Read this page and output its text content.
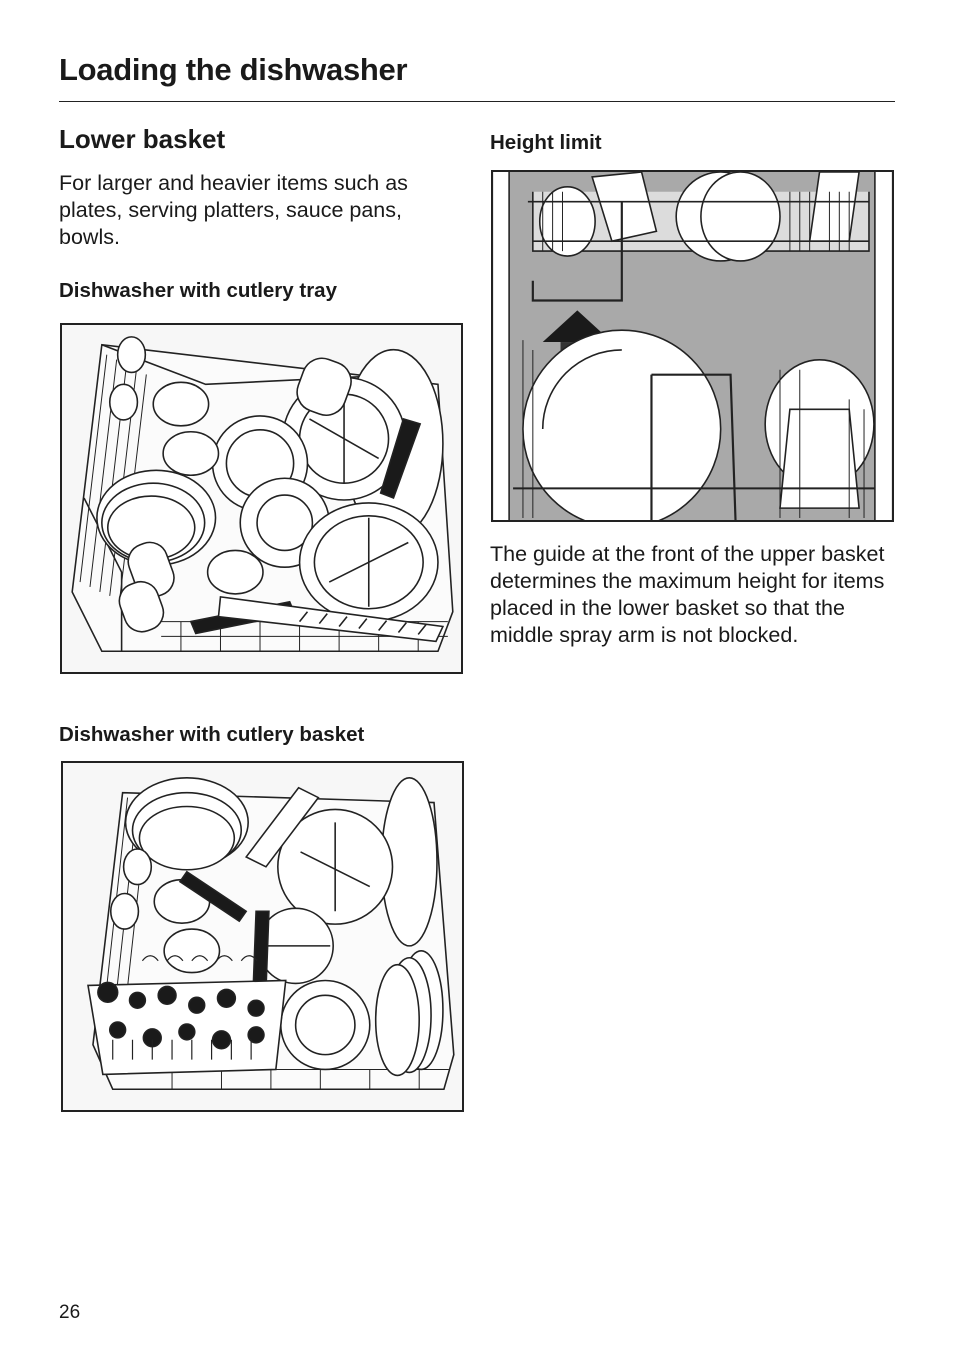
Loading the dishwasher
Lower basket

For larger and heavier items such as plates, serving platters, sauce pans, bowls.

Dishwasher with cutlery tray
Dishwasher with cutlery basket
Height limit

The guide at the front of the upper basket determines the maximum height for items placed in the lower basket so that the middle spray arm is not blocked.

26
